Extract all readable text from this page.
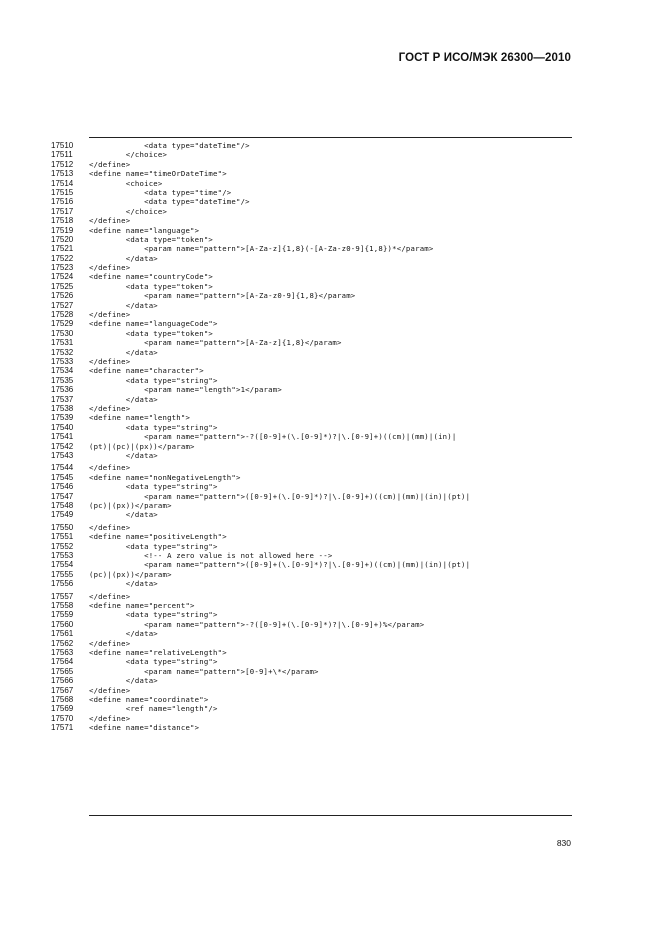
ГОСТ Р ИСО/МЭК 26300—2010
17510	<data type="dateTime"/>
17511	</choice>
17512	</define>
17513	<define name="timeOrDateTime">
17514	<choice>
17515	<data type="time"/>
17516	<data type="dateTime"/>
17517	</choice>
17518	</define>
17519	<define name="language">
17520	<data type="token">
17521	<param name="pattern">[A-Za-z]{1,8}(-[A-Za-z0-9]{1,8})*</param>
17522	</data>
17523	</define>
17524	<define name="countryCode">
17525	<data type="token">
17526	<param name="pattern">[A-Za-z0-9]{1,8}</param>
17527	</data>
17528	</define>
17529	<define name="languageCode">
17530	<data type="token">
17531	<param name="pattern">[A-Za-z]{1,8}</param>
17532	</data>
17533	</define>
17534	<define name="character">
17535	<data type="string">
17536	<param name="length">1</param>
17537	</data>
17538	</define>
17539	<define name="length">
17540	<data type="string">
17541	<param name="pattern">-?([0-9]+(\.[0-9]*)?|\.[0-9]+)((cm)|(mm)|(in)|
17542	(pt)|(pc)|(px))</param>
17543	</data>
17544	</define>
17545	<define name="nonNegativeLength">
17546	<data type="string">
17547	<param name="pattern">([0-9]+(\.[0-9]*)?|\.[0-9]+)((cm)|(mm)|(in)|(pt)|
17548	(pc)|(px))</param>
17549	</data>
17550	</define>
17551	<define name="positiveLength">
17552	<data type="string">
17553	<!-- A zero value is not allowed here -->
17554	<param name="pattern">([0-9]+(\.[0-9]*)?|\.[0-9]+)((cm)|(mm)|(in)|(pt)|
17555	(pc)|(px))</param>
17556	</data>
17557	</define>
17558	<define name="percent">
17559	<data type="string">
17560	<param name="pattern">-?([0-9]+(\.[0-9]*)?|\.[0-9]+)%</param>
17561	</data>
17562	</define>
17563	<define name="relativeLength">
17564	<data type="string">
17565	<param name="pattern">[0-9]+\*</param>
17566	</data>
17567	</define>
17568	<define name="coordinate">
17569	<ref name="length"/>
17570	</define>
17571	<define name="distance">
830
